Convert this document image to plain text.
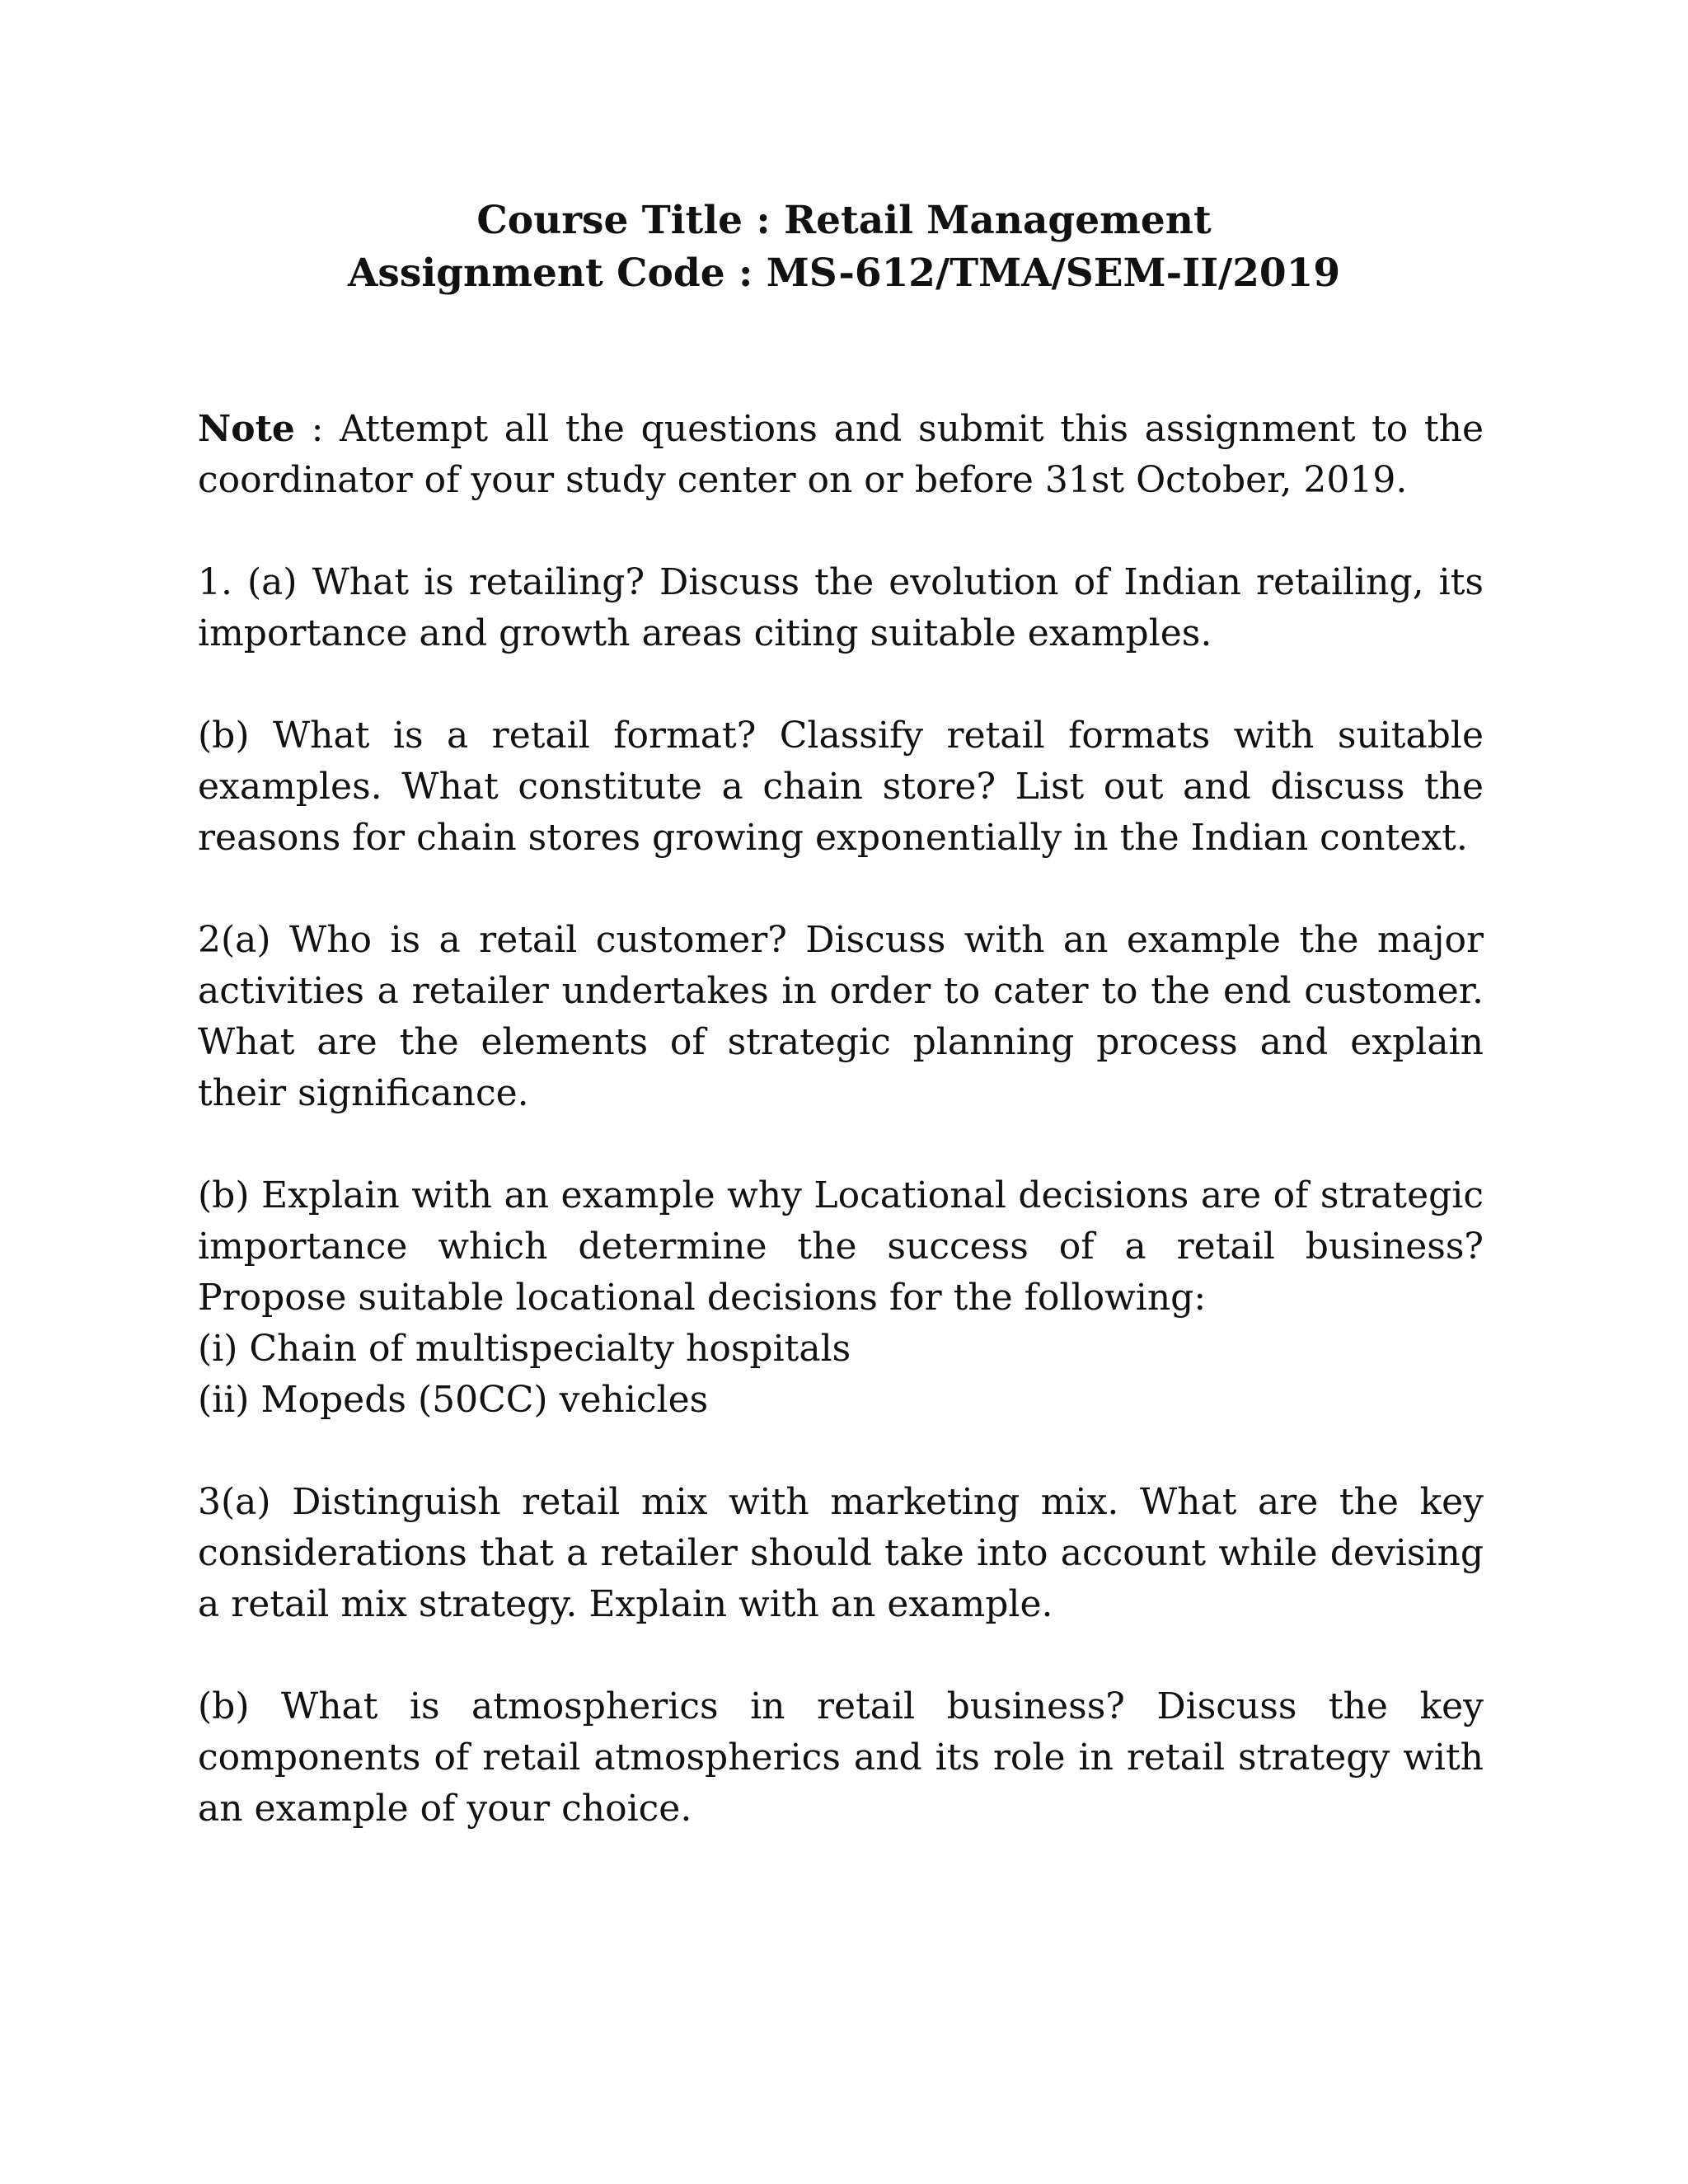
Course Title : Retail Management
Assignment Code : MS-612/TMA/SEM-II/2019

Note : Attempt all the questions and submit this assignment to the coordinator of your study center on or before 31st October, 2019.

1. (a) What is retailing? Discuss the evolution of Indian retailing, its importance and growth areas citing suitable examples.

(b) What is a retail format? Classify retail formats with suitable examples. What constitute a chain store? List out and discuss the reasons for chain stores growing exponentially in the Indian context.

2(a) Who is a retail customer? Discuss with an example the major activities a retailer undertakes in order to cater to the end customer. What are the elements of strategic planning process and explain their significance.

(b) Explain with an example why Locational decisions are of strategic importance which determine the success of a retail business? Propose suitable locational decisions for the following:
(i) Chain of multispecialty hospitals
(ii) Mopeds (50CC) vehicles

3(a) Distinguish retail mix with marketing mix. What are the key considerations that a retailer should take into account while devising a retail mix strategy. Explain with an example.

(b) What is atmospherics in retail business? Discuss the key components of retail atmospherics and its role in retail strategy with an example of your choice.
